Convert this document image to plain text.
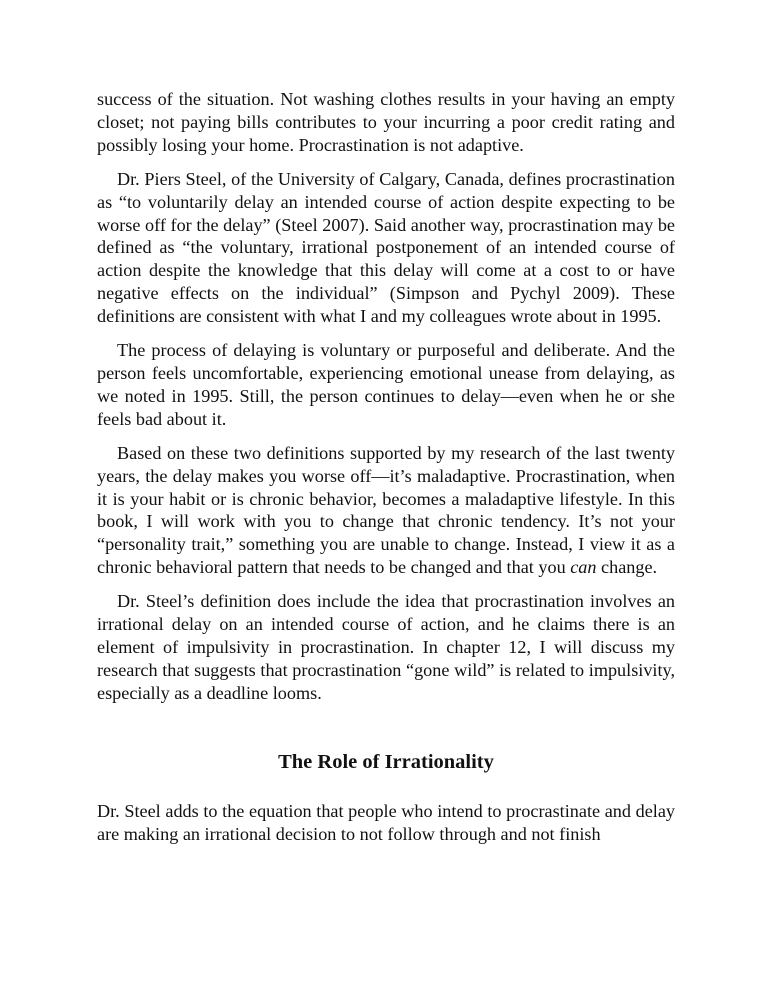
success of the situation. Not washing clothes results in your having an empty closet; not paying bills contributes to your incurring a poor credit rating and possibly losing your home. Procrastination is not adaptive.

Dr. Piers Steel, of the University of Calgary, Canada, defines procrastination as “to voluntarily delay an intended course of action despite expecting to be worse off for the delay” (Steel 2007). Said another way, procrastination may be defined as “the voluntary, irrational postponement of an intended course of action despite the knowledge that this delay will come at a cost to or have negative effects on the individual” (Simpson and Pychyl 2009). These definitions are consistent with what I and my colleagues wrote about in 1995.

The process of delaying is voluntary or purposeful and deliberate. And the person feels uncomfortable, experiencing emotional unease from delaying, as we noted in 1995. Still, the person continues to delay—even when he or she feels bad about it.

Based on these two definitions supported by my research of the last twenty years, the delay makes you worse off—it’s maladaptive. Procrastination, when it is your habit or is chronic behavior, becomes a maladaptive lifestyle. In this book, I will work with you to change that chronic tendency. It’s not your “personality trait,” something you are unable to change. Instead, I view it as a chronic behavioral pattern that needs to be changed and that you can change.

Dr. Steel’s definition does include the idea that procrastination involves an irrational delay on an intended course of action, and he claims there is an element of impulsivity in procrastination. In chapter 12, I will discuss my research that suggests that procrastination “gone wild” is related to impulsivity, especially as a deadline looms.

The Role of Irrationality

Dr. Steel adds to the equation that people who intend to procrastinate and delay are making an irrational decision to not follow through and not finish
